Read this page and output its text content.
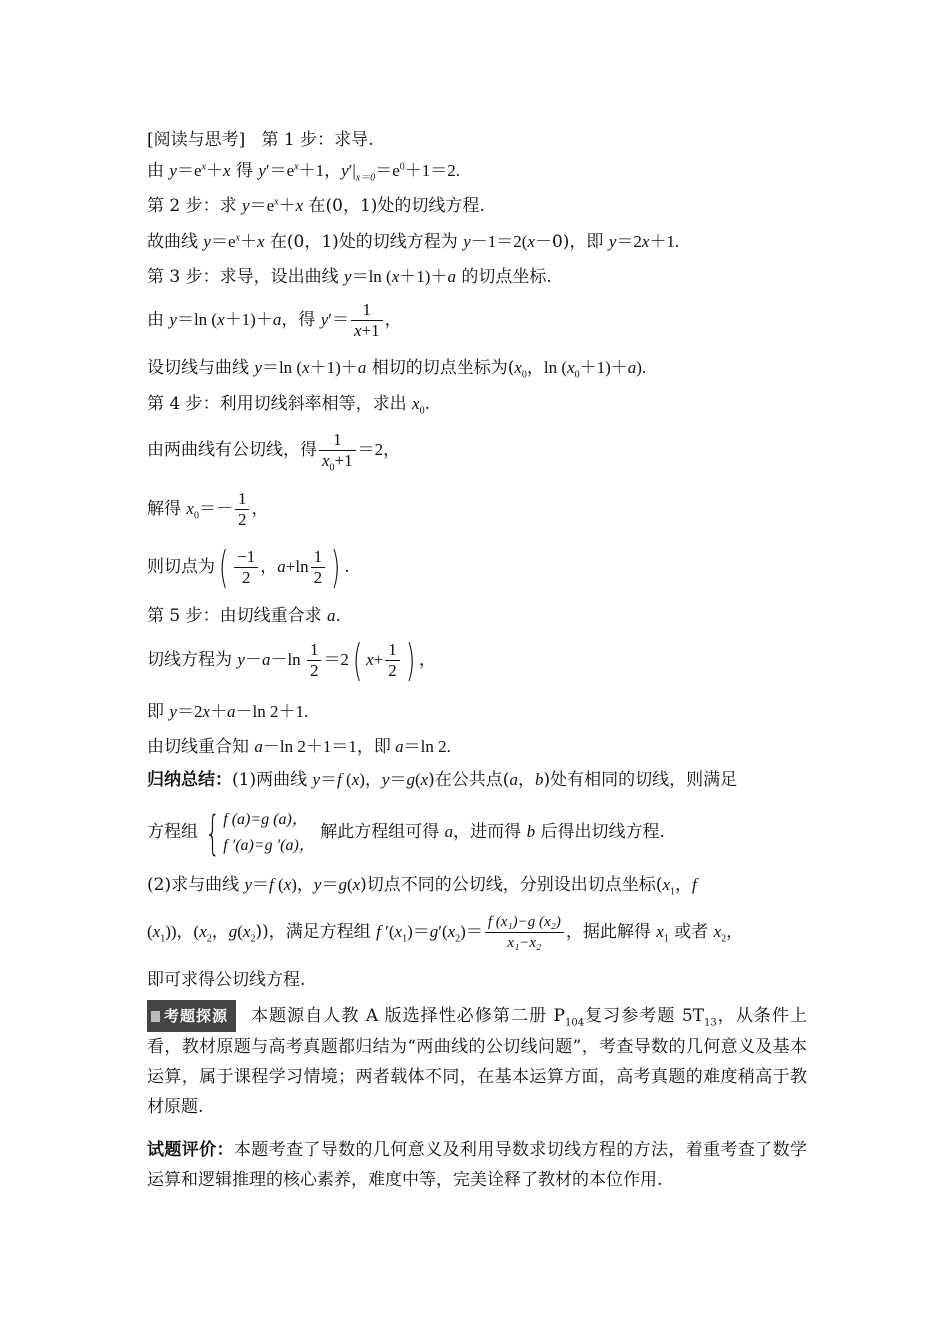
[阅读与思考] 第 1 步：求导.
由 $y=e^x+x$ 得 $y'=e^x+1$，$y'|_{x=0}=e^0+1=2$.
第 2 步：求 $y=e^x+x$ 在(0，1)处的切线方程.
故曲线 $y=e^x+x$ 在(0，1)处的切线方程为 y－1＝2(x－0)，即 y＝2x＋1.
第 3 步：求导，设出曲线 y＝ln (x＋1)＋a 的切点坐标.
由 y＝ln (x＋1)＋a，得 $y'= \frac{1}{x+1}$ ，
设切线与曲线 y＝ln (x＋1)＋a 相切的切点坐标为($x_0$，$\ln (x_0+1)+a$).
第 4 步：利用切线斜率相等，求出 $x_0$.
由两曲线有公切线，得 $\frac{1}{x_0+1} =2$，
解得 $x_0=- \frac{1}{2}$ ，
则切点为( $\frac{-1}{2}$ ，$a+\ln \frac{1}{2}$ ) .
第 5 步：由切线重合求 a.
切线方程为 $y-a-\ln \frac{1}{2} =2$( $x+ \frac{1}{2}$ ) ，
即 y＝2x＋a－ln 2＋1.
由切线重合知 a－ln 2＋1＝1，即 a＝ln 2.
归纳总结：(1)两曲线 y＝f (x)，y＝g(x)在公共点(a，b)处有相同的切线，则满足
方程组 { f (a)=g (a)，
f ′(a)=g ′(a)，
解此方程组可得 a，进而得 b 后得出切线方程.
(2)求与曲线 y＝f (x)，y＝g(x)切点不同的公切线，分别设出切点坐标($x_1$，f
$(x_1)$)，($x_2$，$g(x_2)$)，满足方程组 f $'(x_1)=g'(x_2)= \frac{\text{f (x₁)−g (x₂)}}{\text{x₁−x₂}}$ ，据此解得 $x_1$ 或者 $x_2$，
即可求得公切线方程.
考题探源 本题源自人教 A 版选择性必修第二册 $P_{104}$复习参考题 $5T_{13}$，从条件上看，教材原题与高考真题都归结为“两曲线的公切线问题”，考查导数的几何意义及基本运算，属于课程学习情境；两者载体不同，在基本运算方面，高考真题的难度稍高于教材原题.
试题评价：本题考查了导数的几何意义及利用导数求切线方程的方法，着重考查了数学运算和逻辑推理的核心素养，难度中等，完美诠释了教材的本位作用.
